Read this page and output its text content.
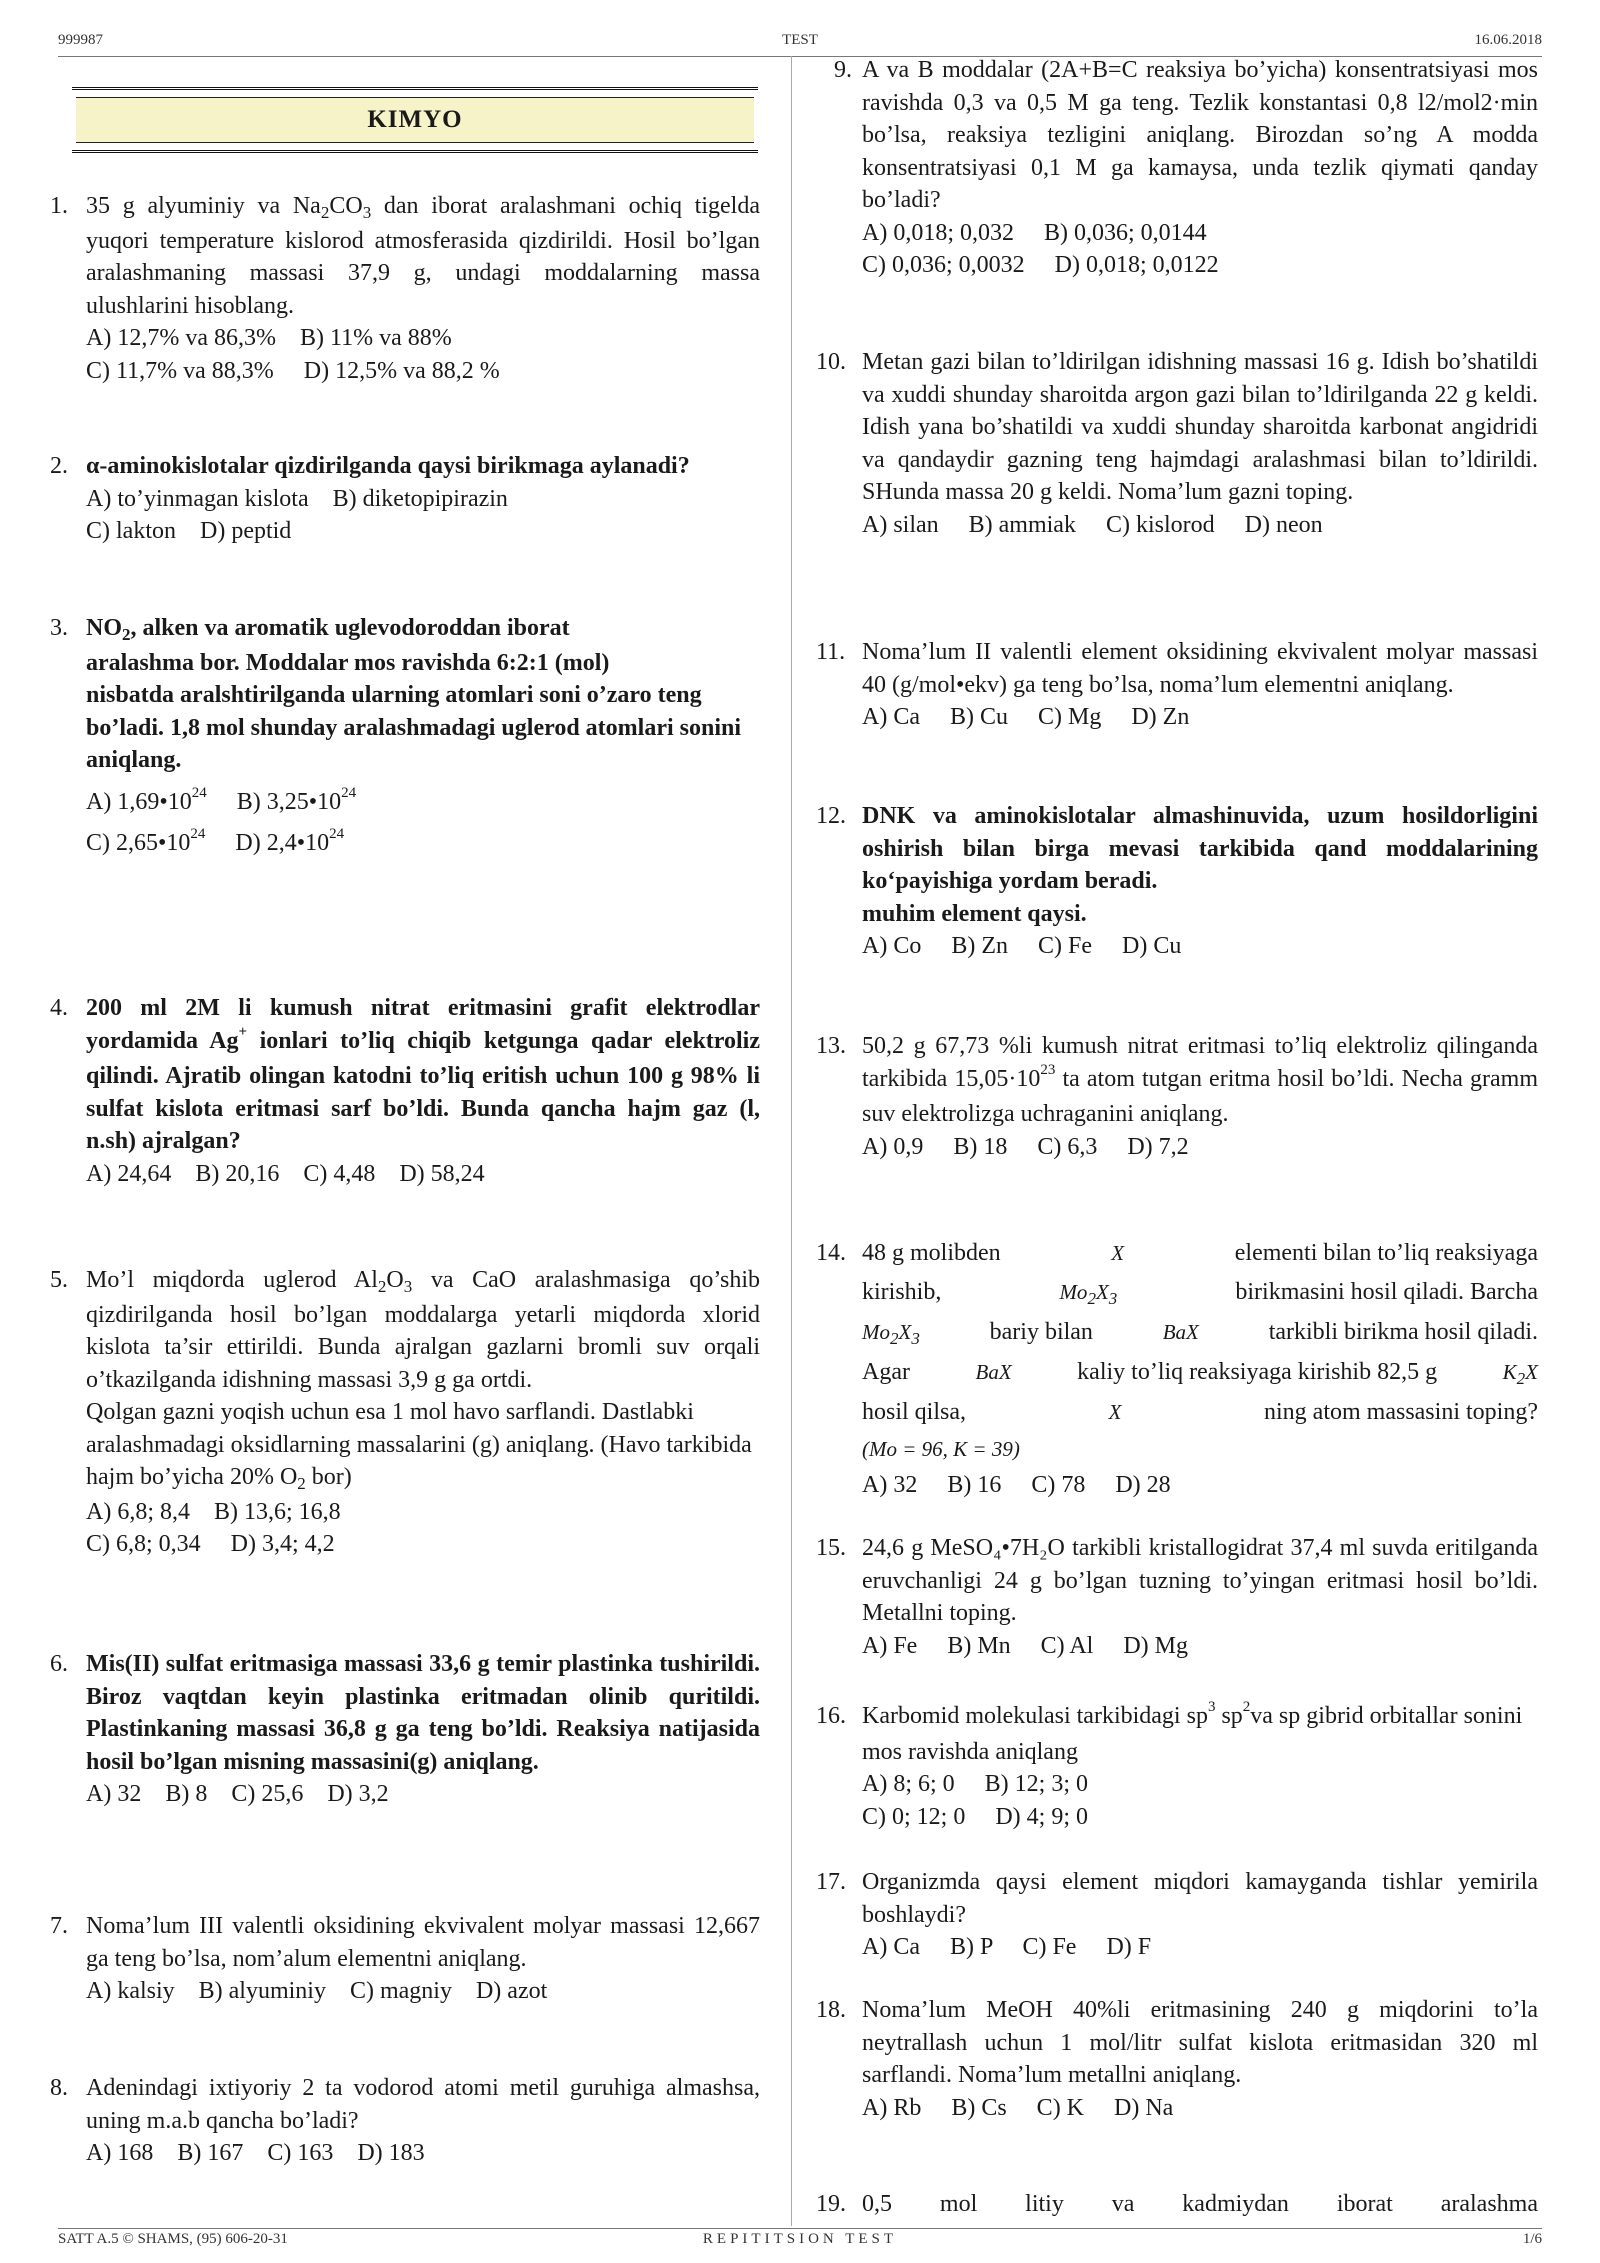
999987	TEST	16.06.2018
KIMYO
1. 35 g alyuminiy va $Na_2CO_3$ dan iborat aralashmani ochiq tigelda yuqori temperature kislorod atmosferasida qizdirildi. Hosil bo’lgan aralashmaning massasi 37,9 g, undagi moddalarning massa ulushlarini hisoblang.
A) 12,7% va 86,3%    B) 11% va 88%
C) 11,7% va 88,3%     D) 12,5% va 88,2 %
2. α-aminokislotalar qizdirilganda qaysi birikmaga aylanadi?
A) to’yinmagan kislota    B) diketopipirazin
C) lakton    D) peptid
3. $NO_2$, alken va aromatik uglevodoroddan iborat
aralashma bor. Moddalar mos ravishda 6:2:1 (mol)
nisbatda aralshtirilganda ularning atomlari soni o’zaro teng bo’ladi. 1,8 mol shunday aralashmadagi uglerod atomlari sonini aniqlang.
A) $1,69•10^{24}$ B) $3,25•10^{24}$
C) $2,65•10^{24}$ D) $2,4•10^{24}$
4. 200 ml 2M li kumush nitrat eritmasini grafit elektrodlar yordamida Ag+ ionlari to’liq chiqib ketgunga qadar elektroliz qilindi. Ajratib olingan katodni to’liq eritish uchun 100 g 98% li sulfat kislota eritmasi sarf bo’ldi. Bunda qancha hajm gaz (l, n.sh) ajralgan?
A) 24,64    B) 20,16    C) 4,48    D) 58,24
5. Mo’l miqdorda uglerod $Al_2O_3$ va CaO aralashmasiga qo’shib qizdirilganda hosil bo’lgan moddalarga yetarli miqdorda xlorid kislota ta’sir ettirildi. Bunda ajralgan gazlarni bromli suv orqali o’tkazilganda idishning massasi 3,9 g ga ortdi.
Qolgan gazni yoqish uchun esa 1 mol havo sarflandi. Dastlabki aralashmadagi oksidlarning massalarini (g) aniqlang. (Havo tarkibida hajm bo’yicha 20% $O_2$ bor)
A) 6,8; 8,4    B) 13,6; 16,8
C) 6,8; 0,34     D) 3,4; 4,2
6. Mis(II) sulfat eritmasiga massasi 33,6 g temir plastinka tushirildi. Biroz vaqtdan keyin plastinka eritmadan olinib quritildi. Plastinkaning massasi 36,8 g ga teng bo’ldi. Reaksiya natijasida hosil bo’lgan misning massasini(g) aniqlang.
A) 32    B) 8    C) 25,6    D) 3,2
7. Noma’lum III valentli oksidining ekvivalent molyar massasi 12,667 ga teng bo’lsa, nom’alum elementni aniqlang.
A) kalsiy    B) alyuminiy    C) magniy    D) azot
8. Adenindagi ixtiyoriy 2 ta vodorod atomi metil guruhiga almashsa, uning m.a.b qancha bo’ladi?
A) 168    B) 167    C) 163    D) 183
9. A va B moddalar (2A+B=C reaksiya bo’yicha) konsentratsiyasi mos ravishda 0,3 va 0,5 M ga teng. Tezlik konstantasi 0,8 l2/mol2·min bo’lsa, reaksiya tezligini aniqlang. Birozdan so’ng A modda konsentratsiyasi 0,1 M ga kamaysa, unda tezlik qiymati qanday bo’ladi?
A) 0,018; 0,032     B) 0,036; 0,0144
C) 0,036; 0,0032     D) 0,018; 0,0122
10. Metan gazi bilan to’ldirilgan idishning massasi 16 g. Idish bo’shatildi va xuddi shunday sharoitda argon gazi bilan to’ldirilganda 22 g keldi. Idish yana bo’shatildi va xuddi shunday sharoitda karbonat angidridi va qandaydir gazning teng hajmdagi aralashmasi bilan to’ldirildi. SHunda massa 20 g keldi. Noma’lum gazni toping.
A) silan     B) ammiak     C) kislorod     D) neon
11. Noma’lum II valentli element oksidining ekvivalent molyar massasi 40 (g/mol•ekv) ga teng bo’lsa, noma’lum elementni aniqlang.
A) Ca     B) Cu     C) Mg     D) Zn
12. DNK va aminokislotalar almashinuvida, uzum hosildorligini oshirish bilan birga mevasi tarkibida qand moddalarining ko‘payishiga yordam beradi.
muhim element qaysi.
A) Co     B) Zn     C) Fe     D) Cu
13. 50,2 g 67,73 %li kumush nitrat eritmasi to’liq elektroliz qilinganda tarkibida $15,05\cdot 10^{23}$ ta atom tutgan eritma hosil bo’ldi. Necha gramm suv elektrolizga uchraganini aniqlang.
A) 0,9     B) 18     C) 6,3     D) 7,2
14. 48 g molibden	X	elementi bilan to’liq reaksiyaga
kirishib,	$Mo_2X_3$	birikmasini hosil qiladi. Barcha
$Mo_2X_3$	bariy bilan	BaX	tarkibli birikma hosil qiladi.
Agar	BaX	kaliy to’liq reaksiyaga kirishib 82,5 g	$K_2X$
hosil qilsa,	X	ning atom massasini toping?
(Mo = 96, K = 39)
A) 32     B) 16     C) 78     D) 28
15. 24,6 g MeSO₄•7H₂O tarkibli kristallogidrat 37,4 ml suvda eritilganda eruvchanligi 24 g bo’lgan tuzning to’yingan eritmasi hosil bo’ldi. Metallni toping.
A) Fe     B) Mn     C) Al     D) Mg
16. Karbomid molekulasi tarkibidagi $sp^3$ $sp^2va$ sp gibrid orbitallar sonini mos ravishda aniqlang
A) 8; 6; 0     B) 12; 3; 0
C) 0; 12; 0     D) 4; 9; 0
17. Organizmda qaysi element miqdori kamayganda tishlar yemirila boshlaydi?
A) Ca     B) P     C) Fe     D) F
18. Noma’lum MeOH 40%li eritmasining 240 g miqdorini to’la neytrallash uchun 1 mol/litr sulfat kislota eritmasidan 320 ml sarflandi. Noma’lum metallni aniqlang.
A) Rb     B) Cs     C) K     D) Na
19. 0,5 mol litiy va kadmiydan iborat aralashma
SATT A.5 © SHAMS, (95) 606-20-31	REPITITSION TEST	1/6
